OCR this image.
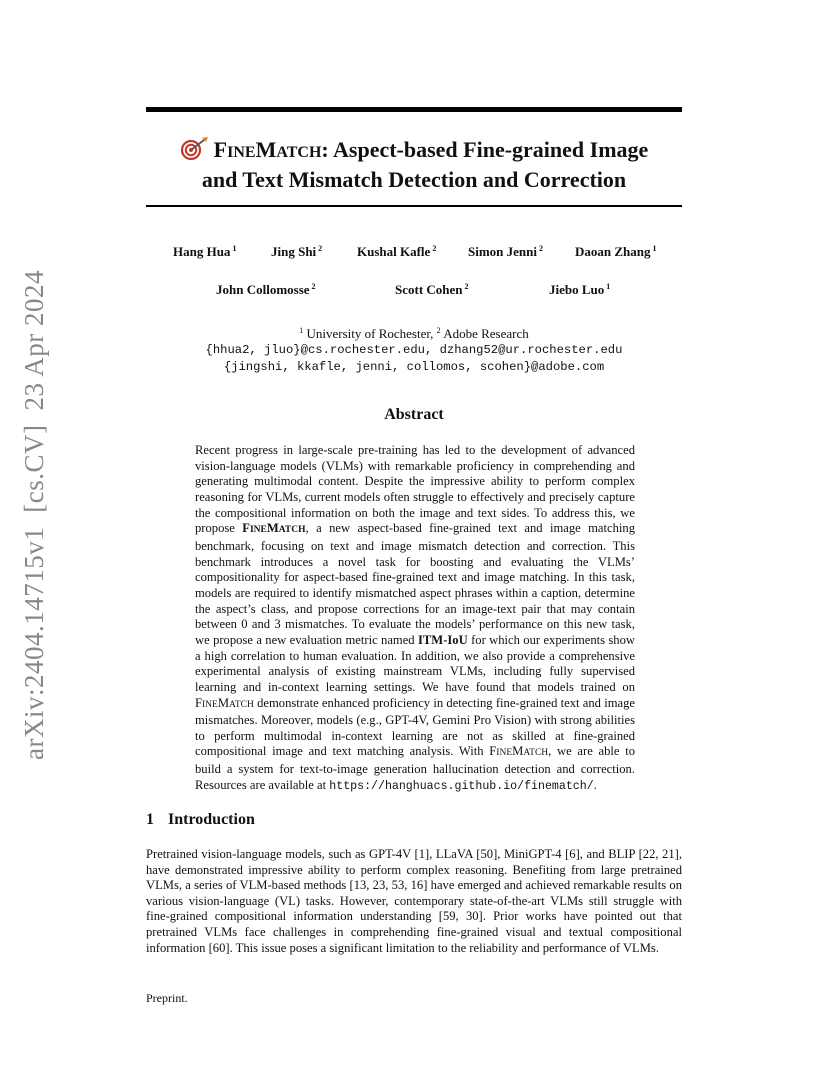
arXiv:2404.14715v1
[cs.CV]
23 Apr 2024
FINEMATCH: Aspect-based Fine-grained Image
and Text Mismatch Detection and Correction
Hang Hua $^1$	Jing Shi $^2$	Kushal Kafle $^2$ Simon Jenni $^2$ Daoan Zhang $^1$
John Collomosse $^2$	Scott Cohen $^2$	Jiebo Luo $^1$
$^1$ University of Rochester, $^2$ Adobe Research
{hhua2, jluo}@cs.rochester.edu, dzhang52@ur.rochester.edu
{jingshi, kkafle, jenni, collomos, scohen}@adobe.com
Abstract
Recent progress in large-scale pre-training has led to the development of advanced vision-language models (VLMs) with remarkable proficiency in comprehending and generating multimodal content. Despite the impressive ability to perform complex reasoning for VLMs, current models often struggle to effectively and precisely capture the compositional information on both the image and text sides. To address this, we propose FINEMATCH, a new aspect-based fine-grained text and image matching benchmark, focusing on text and image mismatch detection and correction. This benchmark introduces a novel task for boosting and evaluating the VLMs’ compositionality for aspect-based fine-grained text and image matching. In this task, models are required to identify mismatched aspect phrases within a caption, determine the aspect’s class, and propose corrections for an image-text pair that may contain between 0 and 3 mismatches. To evaluate the models’ performance on this new task, we propose a new evaluation metric named ITM-IoU for which our experiments show a high correlation to human evaluation. In addition, we also provide a comprehensive experimental analysis of existing mainstream VLMs, including fully supervised learning and in-context learning settings. We have found that models trained on FINEMATCH demonstrate enhanced proficiency in detecting fine-grained text and image mismatches. Moreover, models (e.g., GPT-4V, Gemini Pro Vision) with strong abilities to perform multimodal in-context learning are not as skilled at fine-grained compositional image and text matching analysis. With FINEMATCH, we are able to build a system for text-to-image generation hallucination detection and correction. Resources are available at https://hanghuacs.github.io/finematch/.
1 Introduction
Pretrained vision-language models, such as GPT-4V [1], LLaVA [50], MiniGPT-4 [6], and BLIP [22, 21], have demonstrated impressive ability to perform complex reasoning. Benefiting from large pretrained VLMs, a series of VLM-based methods [13, 23, 53, 16] have emerged and achieved remarkable results on various vision-language (VL) tasks. However, contemporary state-of-the-art VLMs still struggle with fine-grained compositional information understanding [59, 30]. Prior works have pointed out that pretrained VLMs face challenges in comprehending fine-grained visual and textual compositional information [60]. This issue poses a significant limitation to the reliability and performance of VLMs.
Preprint.
